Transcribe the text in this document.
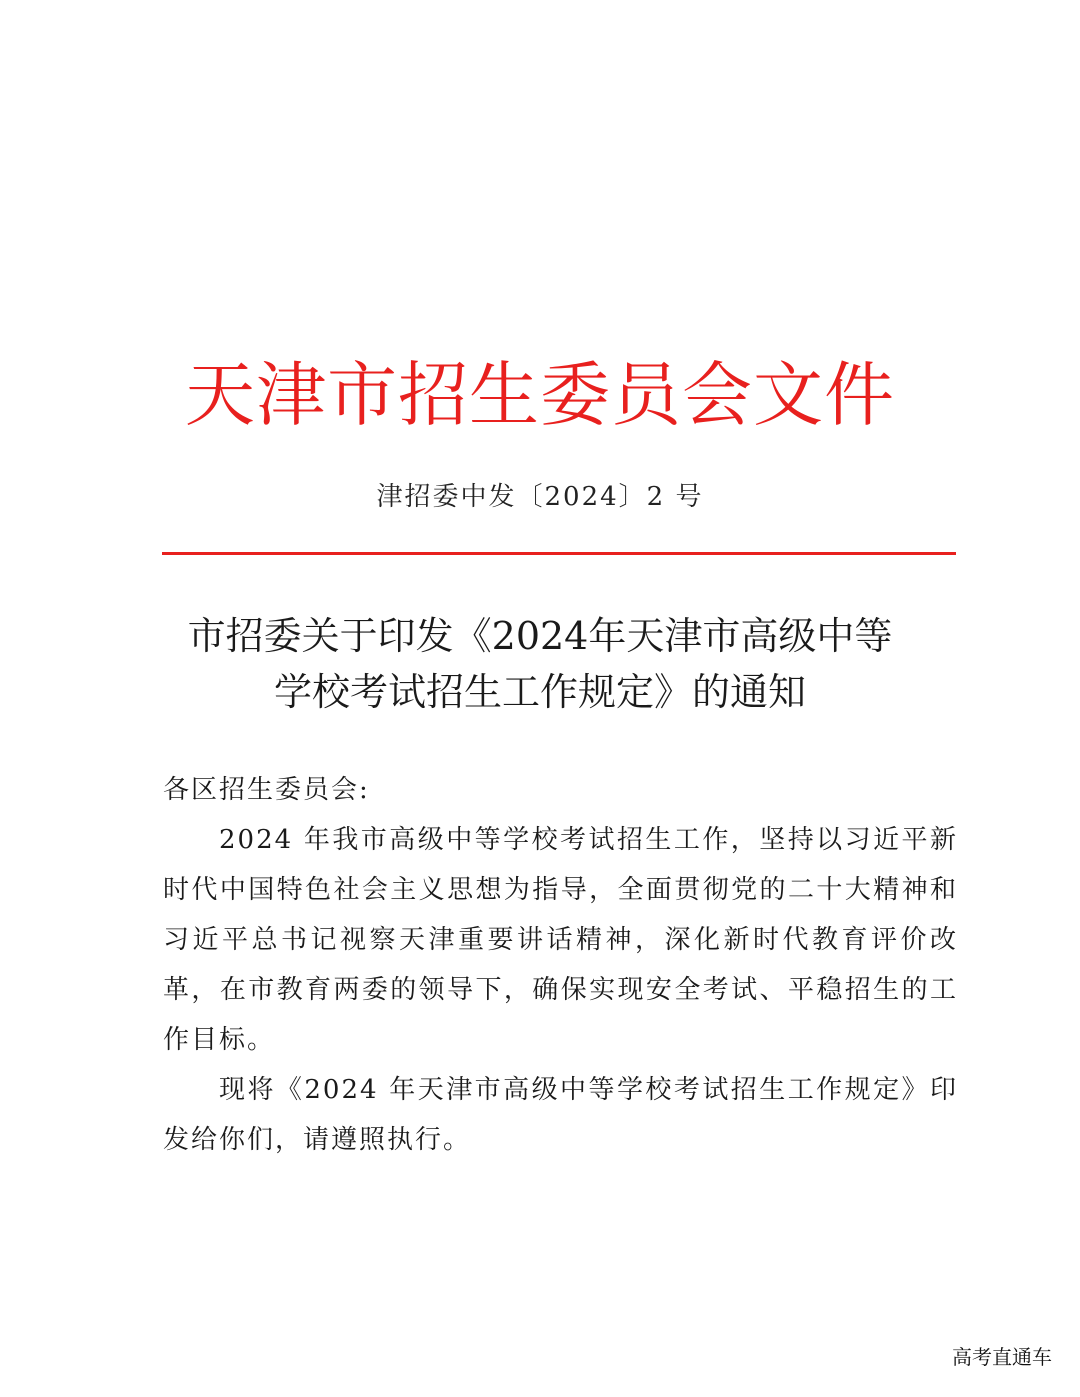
天津市招生委员会文件
津招委中发〔2024〕2 号
市招委关于印发《2024年天津市高级中等
学校考试招生工作规定》的通知

各区招生委员会:

2024 年我市高级中等学校考试招生工作，坚持以习近平新时代中国特色社会主义思想为指导，全面贯彻党的二十大精神和习近平总书记视察天津重要讲话精神，深化新时代教育评价改革，在市教育两委的领导下，确保实现安全考试、平稳招生的工作目标。

现将《2024 年天津市高级中等学校考试招生工作规定》印发给你们，请遵照执行。

高考直通车
